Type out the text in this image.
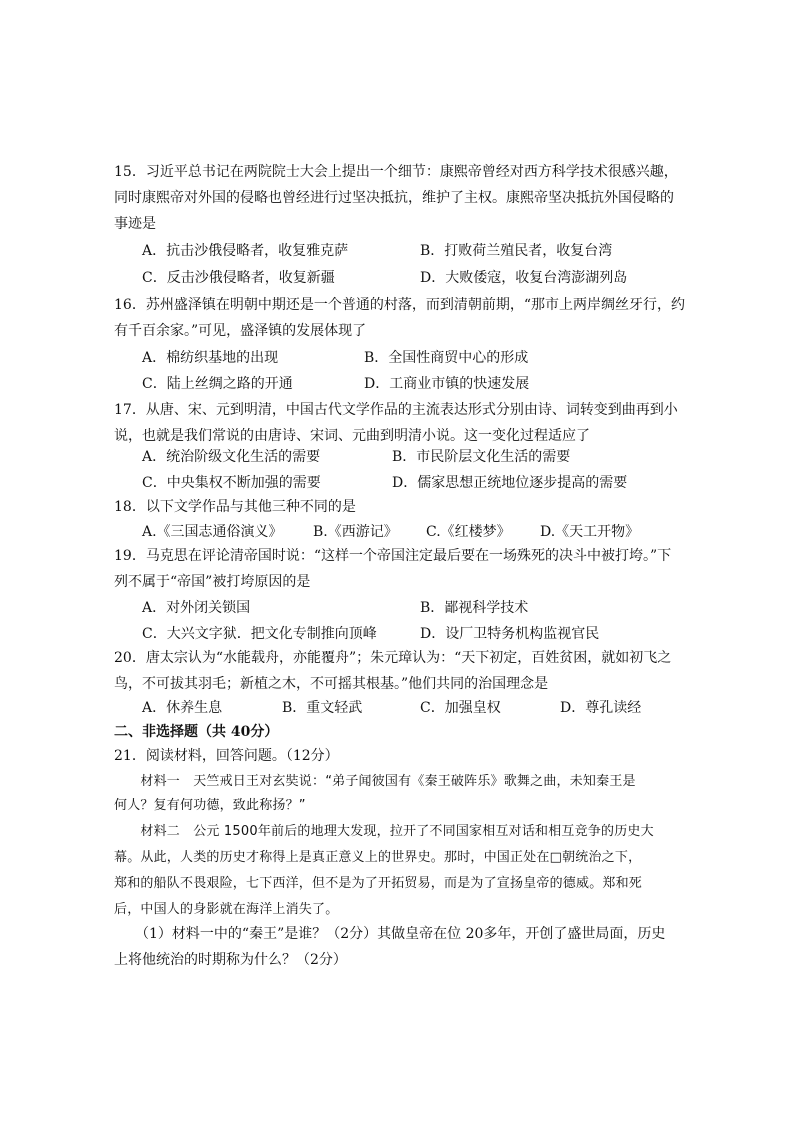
15．习近平总书记在两院院士大会上提出一个细节：康熙帝曾经对西方科学技术很感兴趣，
同时康熙帝对外国的侵略也曾经进行过坚决抵抗，维护了主权。康熙帝坚决抵抗外国侵略的
事迹是
A．抗击沙俄侵略者，收复雅克萨	B．打败荷兰殖民者，收复台湾
C．反击沙俄侵略者，收复新疆	D．大败倭寇，收复台湾澎湖列岛
16．苏州盛泽镇在明朝中期还是一个普通的村落，而到清朝前期，“那市上两岸绸丝牙行，约
有千百余家。”可见，盛泽镇的发展体现了
A．棉纺织基地的出现	B．全国性商贸中心的形成
C．陆上丝绸之路的开通	D．工商业市镇的快速发展
17．从唐、宋、元到明清，中国古代文学作品的主流表达形式分别由诗、词转变到曲再到小
说，也就是我们常说的由唐诗、宋词、元曲到明清小说。这一变化过程适应了
A．统治阶级文化生活的需要	B．市民阶层文化生活的需要
C．中央集权不断加强的需要	D．儒家思想正统地位逐步提高的需要
18．以下文学作品与其他三种不同的是
A.《三国志通俗演义》 B.《西游记》 C.《红楼梦》 D.《天工开物》
19．马克思在评论清帝国时说：“这样一个帝国注定最后要在一场殊死的决斗中被打垮。”下
列不属于“帝国”被打垮原因的是
A．对外闭关锁国	B．鄙视科学技术
C．大兴文字狱．把文化专制推向顶峰	D．设厂卫特务机构监视官民
20．唐太宗认为“水能载舟，亦能覆舟”；朱元璋认为：“天下初定，百姓贫困，就如初飞之
鸟，不可拔其羽毛；新植之木，不可摇其根基。”他们共同的治国理念是
A．休养生息	B．重文轻武	C．加强皇权	D．尊孔读经
二、非选择题（共 40分）
21．阅读材料，回答问题。（12分）
　　材料一　天竺戒日王对玄奘说：“弟子闻彼国有《秦王破阵乐》歌舞之曲，未知秦王是
何人？复有何功德，致此称扬？”
　　材料二　公元 1500年前后的地理大发现，拉开了不同国家相互对话和相互竞争的历史大
幕。从此，人类的历史才称得上是真正意义上的世界史。那时，中国正处在□朝统治之下，
郑和的船队不畏艰险，七下西洋，但不是为了开拓贸易，而是为了宣扬皇帝的德威。郑和死
后，中国人的身影就在海洋上消失了。
　　（1）材料一中的“秦王”是谁？（2分）其做皇帝在位 20多年，开创了盛世局面，历史
上将他统治的时期称为什么？（2分）
